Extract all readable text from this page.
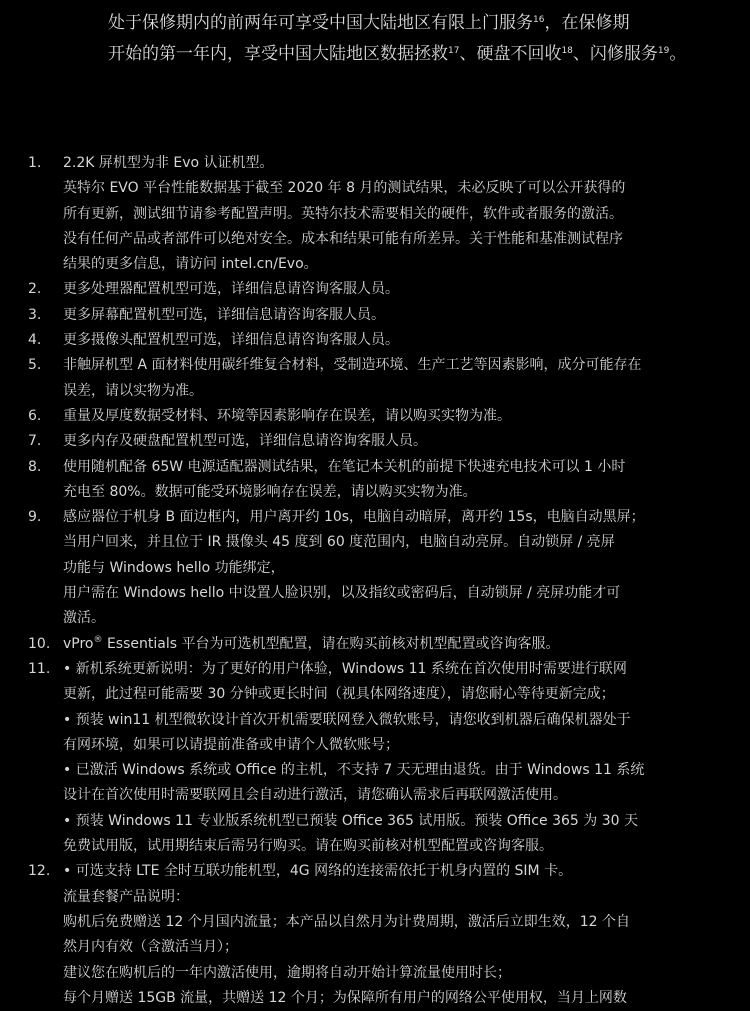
处于保修期内的前两年可享受中国大陆地区有限上门服务$^{16}$，在保修期

开始的第一年内，享受中国大陆地区数据拯救$^{17}$、硬盘不回收$^{18}$、闪修服务$^{19}$。

1. 2.2K 屏机型为非 Evo 认证机型。
英特尔 EVO 平台性能数据基于截至 2020 年 8 月的测试结果，未必反映了可以公开获得的
所有更新，测试细节请参考配置声明。英特尔技术需要相关的硬件，软件或者服务的激活。
没有任何产品或者部件可以绝对安全。成本和结果可能有所差异。关于性能和基准测试程序
结果的更多信息，请访问 intel.cn/Evo。
2. 更多处理器配置机型可选，详细信息请咨询客服人员。
3. 更多屏幕配置机型可选，详细信息请咨询客服人员。
4. 更多摄像头配置机型可选，详细信息请咨询客服人员。
5. 非触屏机型 A 面材料使用碳纤维复合材料，受制造环境、生产工艺等因素影响，成分可能存在
误差，请以实物为准。
6. 重量及厚度数据受材料、环境等因素影响存在误差，请以购买实物为准。
7. 更多内存及硬盘配置机型可选，详细信息请咨询客服人员。
8. 使用随机配备 65W 电源适配器测试结果，在笔记本关机的前提下快速充电技术可以 1 小时
充电至 80%。数据可能受环境影响存在误差，请以购买实物为准。
9. 感应器位于机身 B 面边框内，用户离开约 10s，电脑自动暗屏，离开约 15s，电脑自动黑屏；
当用户回来，并且位于 IR 摄像头 45 度到 60 度范围内，电脑自动亮屏。自动锁屏 / 亮屏
功能与 Windows hello 功能绑定，
用户需在 Windows hello 中设置人脸识别，以及指纹或密码后，自动锁屏 / 亮屏功能才可
激活。
10. vPro® Essentials 平台为可选机型配置，请在购买前核对机型配置或咨询客服。
11. • 新机系统更新说明：为了更好的用户体验，Windows 11 系统在首次使用时需要进行联网
更新，此过程可能需要 30 分钟或更长时间（视具体网络速度），请您耐心等待更新完成；
• 预装 win11 机型微软设计首次开机需要联网登入微软账号，请您收到机器后确保机器处于
有网环境，如果可以请提前准备或申请个人微软账号；
• 已激活 Windows 系统或 Office 的主机，不支持 7 天无理由退货。由于 Windows 11 系统
设计在首次使用时需要联网且会自动进行激活，请您确认需求后再联网激活使用。
• 预装 Windows 11 专业版系统机型已预装 Office 365 试用版。预装 Office 365 为 30 天
免费试用版，试用期结束后需另行购买。请在购买前核对机型配置或咨询客服。
12. • 可选支持 LTE 全时互联功能机型，4G 网络的连接需依托于机身内置的 SIM 卡。
流量套餐产品说明：
购机后免费赠送 12 个月国内流量；本产品以自然月为计费周期，激活后立即生效，12 个自
然月内有效（含激活当月）；
建议您在购机后的一年内激活使用，逾期将自动开始计算流量使用时长；
每个月赠送 15GB 流量，共赠送 12 个月；为保障所有用户的网络公平使用权，当月上网数
